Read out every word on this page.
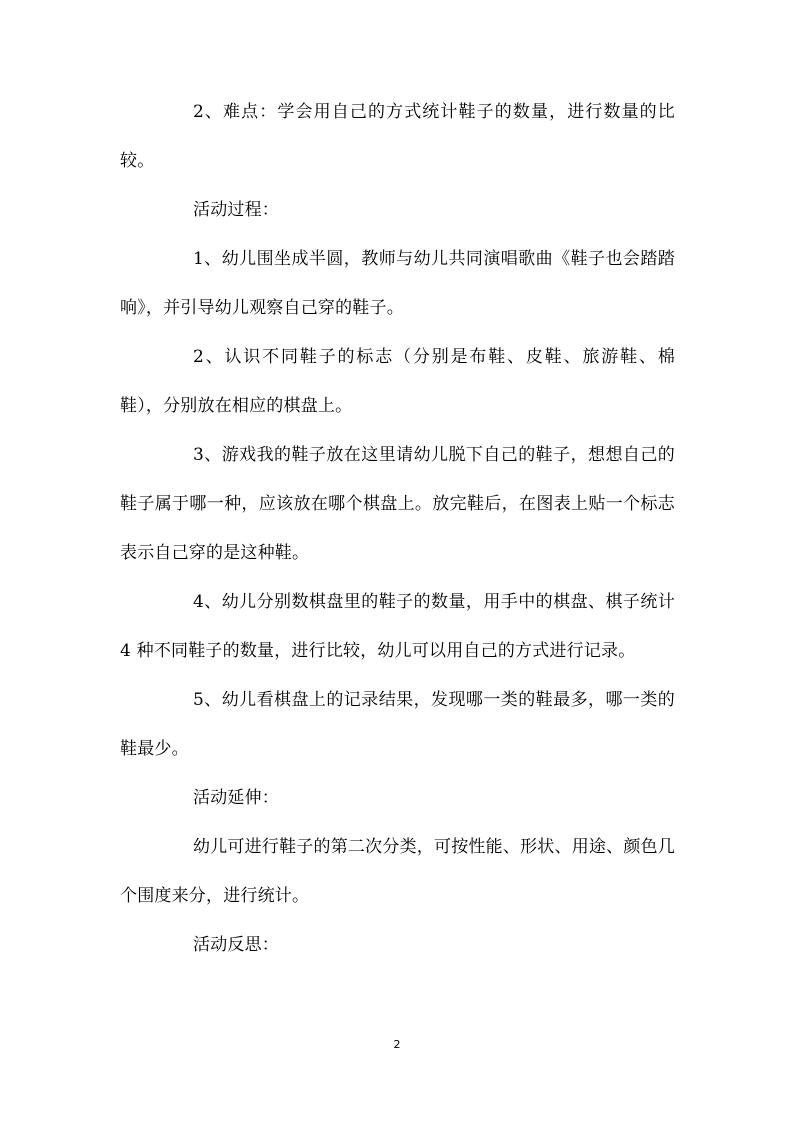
2、难点：学会用自己的方式统计鞋子的数量，进行数量的比较。

活动过程：

1、幼儿围坐成半圆，教师与幼儿共同演唱歌曲《鞋子也会踏踏响》，并引导幼儿观察自己穿的鞋子。

2、认识不同鞋子的标志（分别是布鞋、皮鞋、旅游鞋、棉鞋），分别放在相应的棋盘上。

3、游戏我的鞋子放在这里请幼儿脱下自己的鞋子，想想自己的鞋子属于哪一种，应该放在哪个棋盘上。放完鞋后，在图表上贴一个标志表示自己穿的是这种鞋。

4、幼儿分别数棋盘里的鞋子的数量，用手中的棋盘、棋子统计 4 种不同鞋子的数量，进行比较，幼儿可以用自己的方式进行记录。

5、幼儿看棋盘上的记录结果，发现哪一类的鞋最多，哪一类的鞋最少。

活动延伸：

幼儿可进行鞋子的第二次分类，可按性能、形状、用途、颜色几个围度来分，进行统计。

活动反思：

2
